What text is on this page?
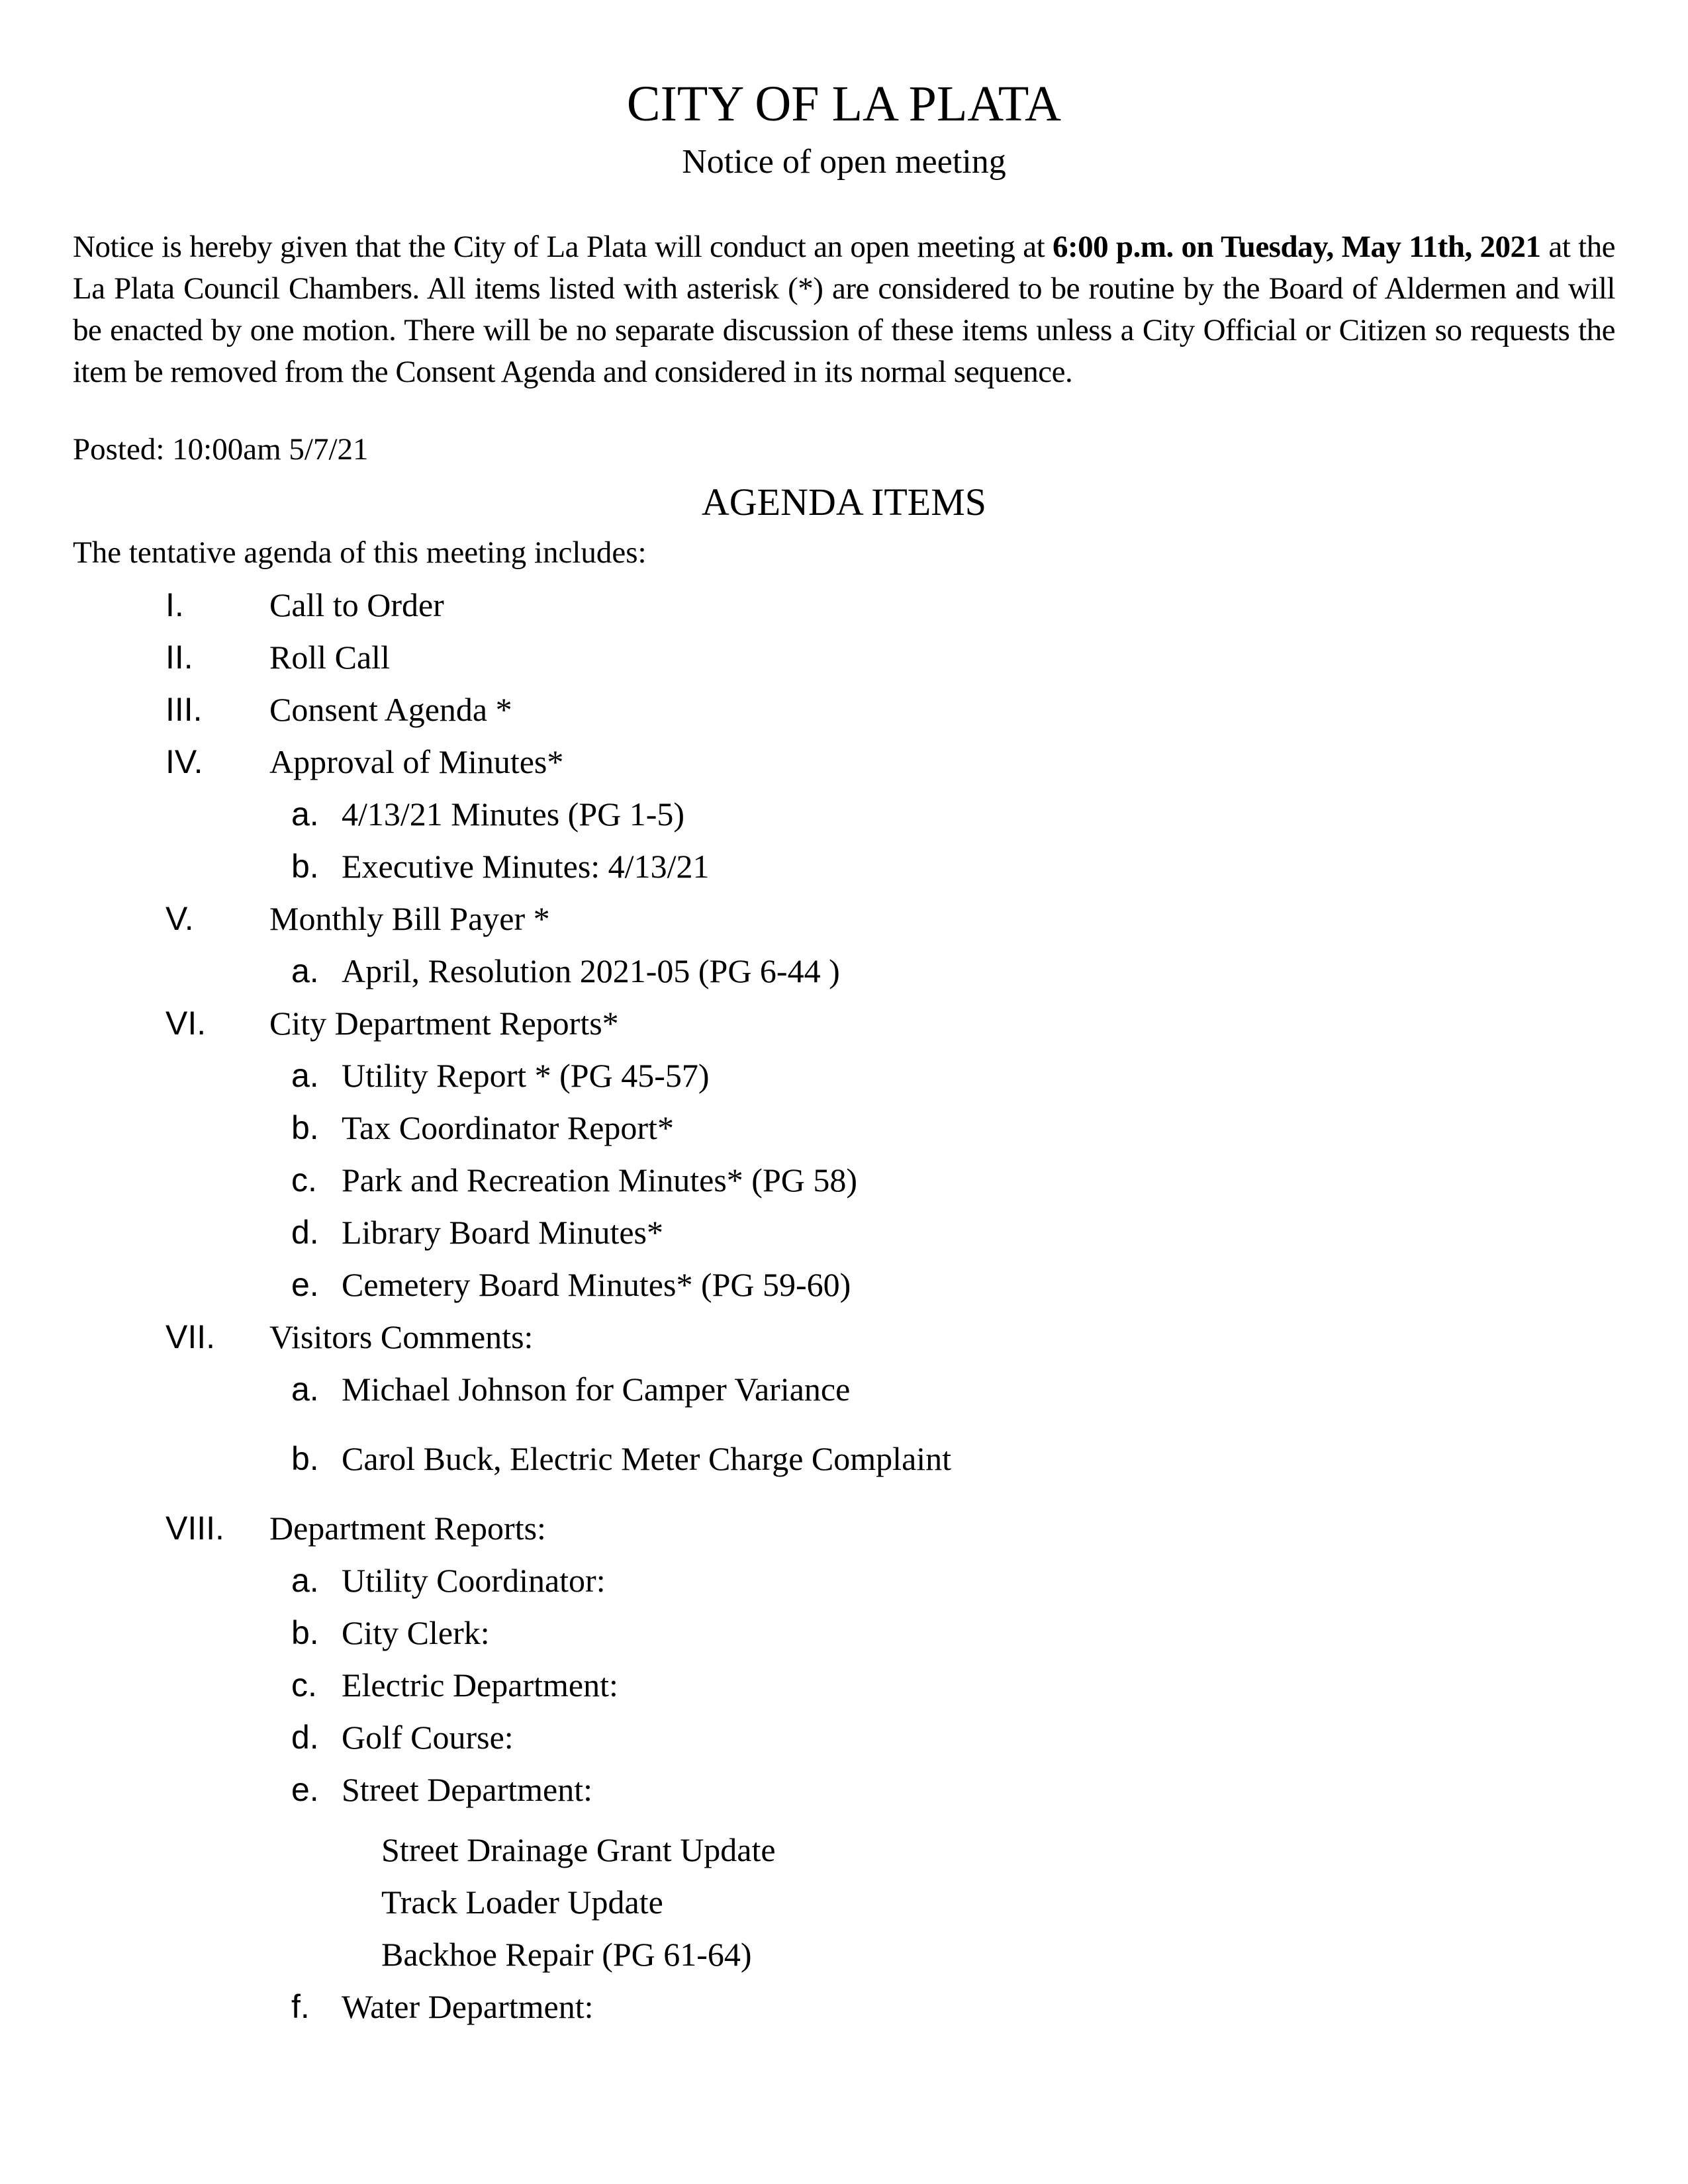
CITY OF LA PLATA
Notice of open meeting
Notice is hereby given that the City of La Plata will conduct an open meeting at 6:00 p.m. on Tuesday, May 11th, 2021 at the La Plata Council Chambers. All items listed with asterisk (*) are considered to be routine by the Board of Aldermen and will be enacted by one motion. There will be no separate discussion of these items unless a City Official or Citizen so requests the item be removed from the Consent Agenda and considered in its normal sequence.
Posted: 10:00am 5/7/21
AGENDA ITEMS
The tentative agenda of this meeting includes:
I.	Call to Order
II.	Roll Call
III.	Consent Agenda *
IV.	Approval of Minutes*
a. 4/13/21 Minutes (PG 1-5)
b. Executive Minutes: 4/13/21
V.	Monthly Bill Payer *
a. April, Resolution 2021-05 (PG 6-44 )
VI.	City Department Reports*
a. Utility Report * (PG 45-57)
b. Tax Coordinator Report*
c. Park and Recreation Minutes* (PG 58)
d. Library Board Minutes*
e. Cemetery Board Minutes* (PG 59-60)
VII.	Visitors Comments:
a. Michael Johnson for Camper Variance
b. Carol Buck, Electric Meter Charge Complaint
VIII.	Department Reports:
a. Utility Coordinator:
b. City Clerk:
c. Electric Department:
d. Golf Course:
e. Street Department:
Street Drainage Grant Update
Track Loader Update
Backhoe Repair (PG 61-64)
f. Water Department:
